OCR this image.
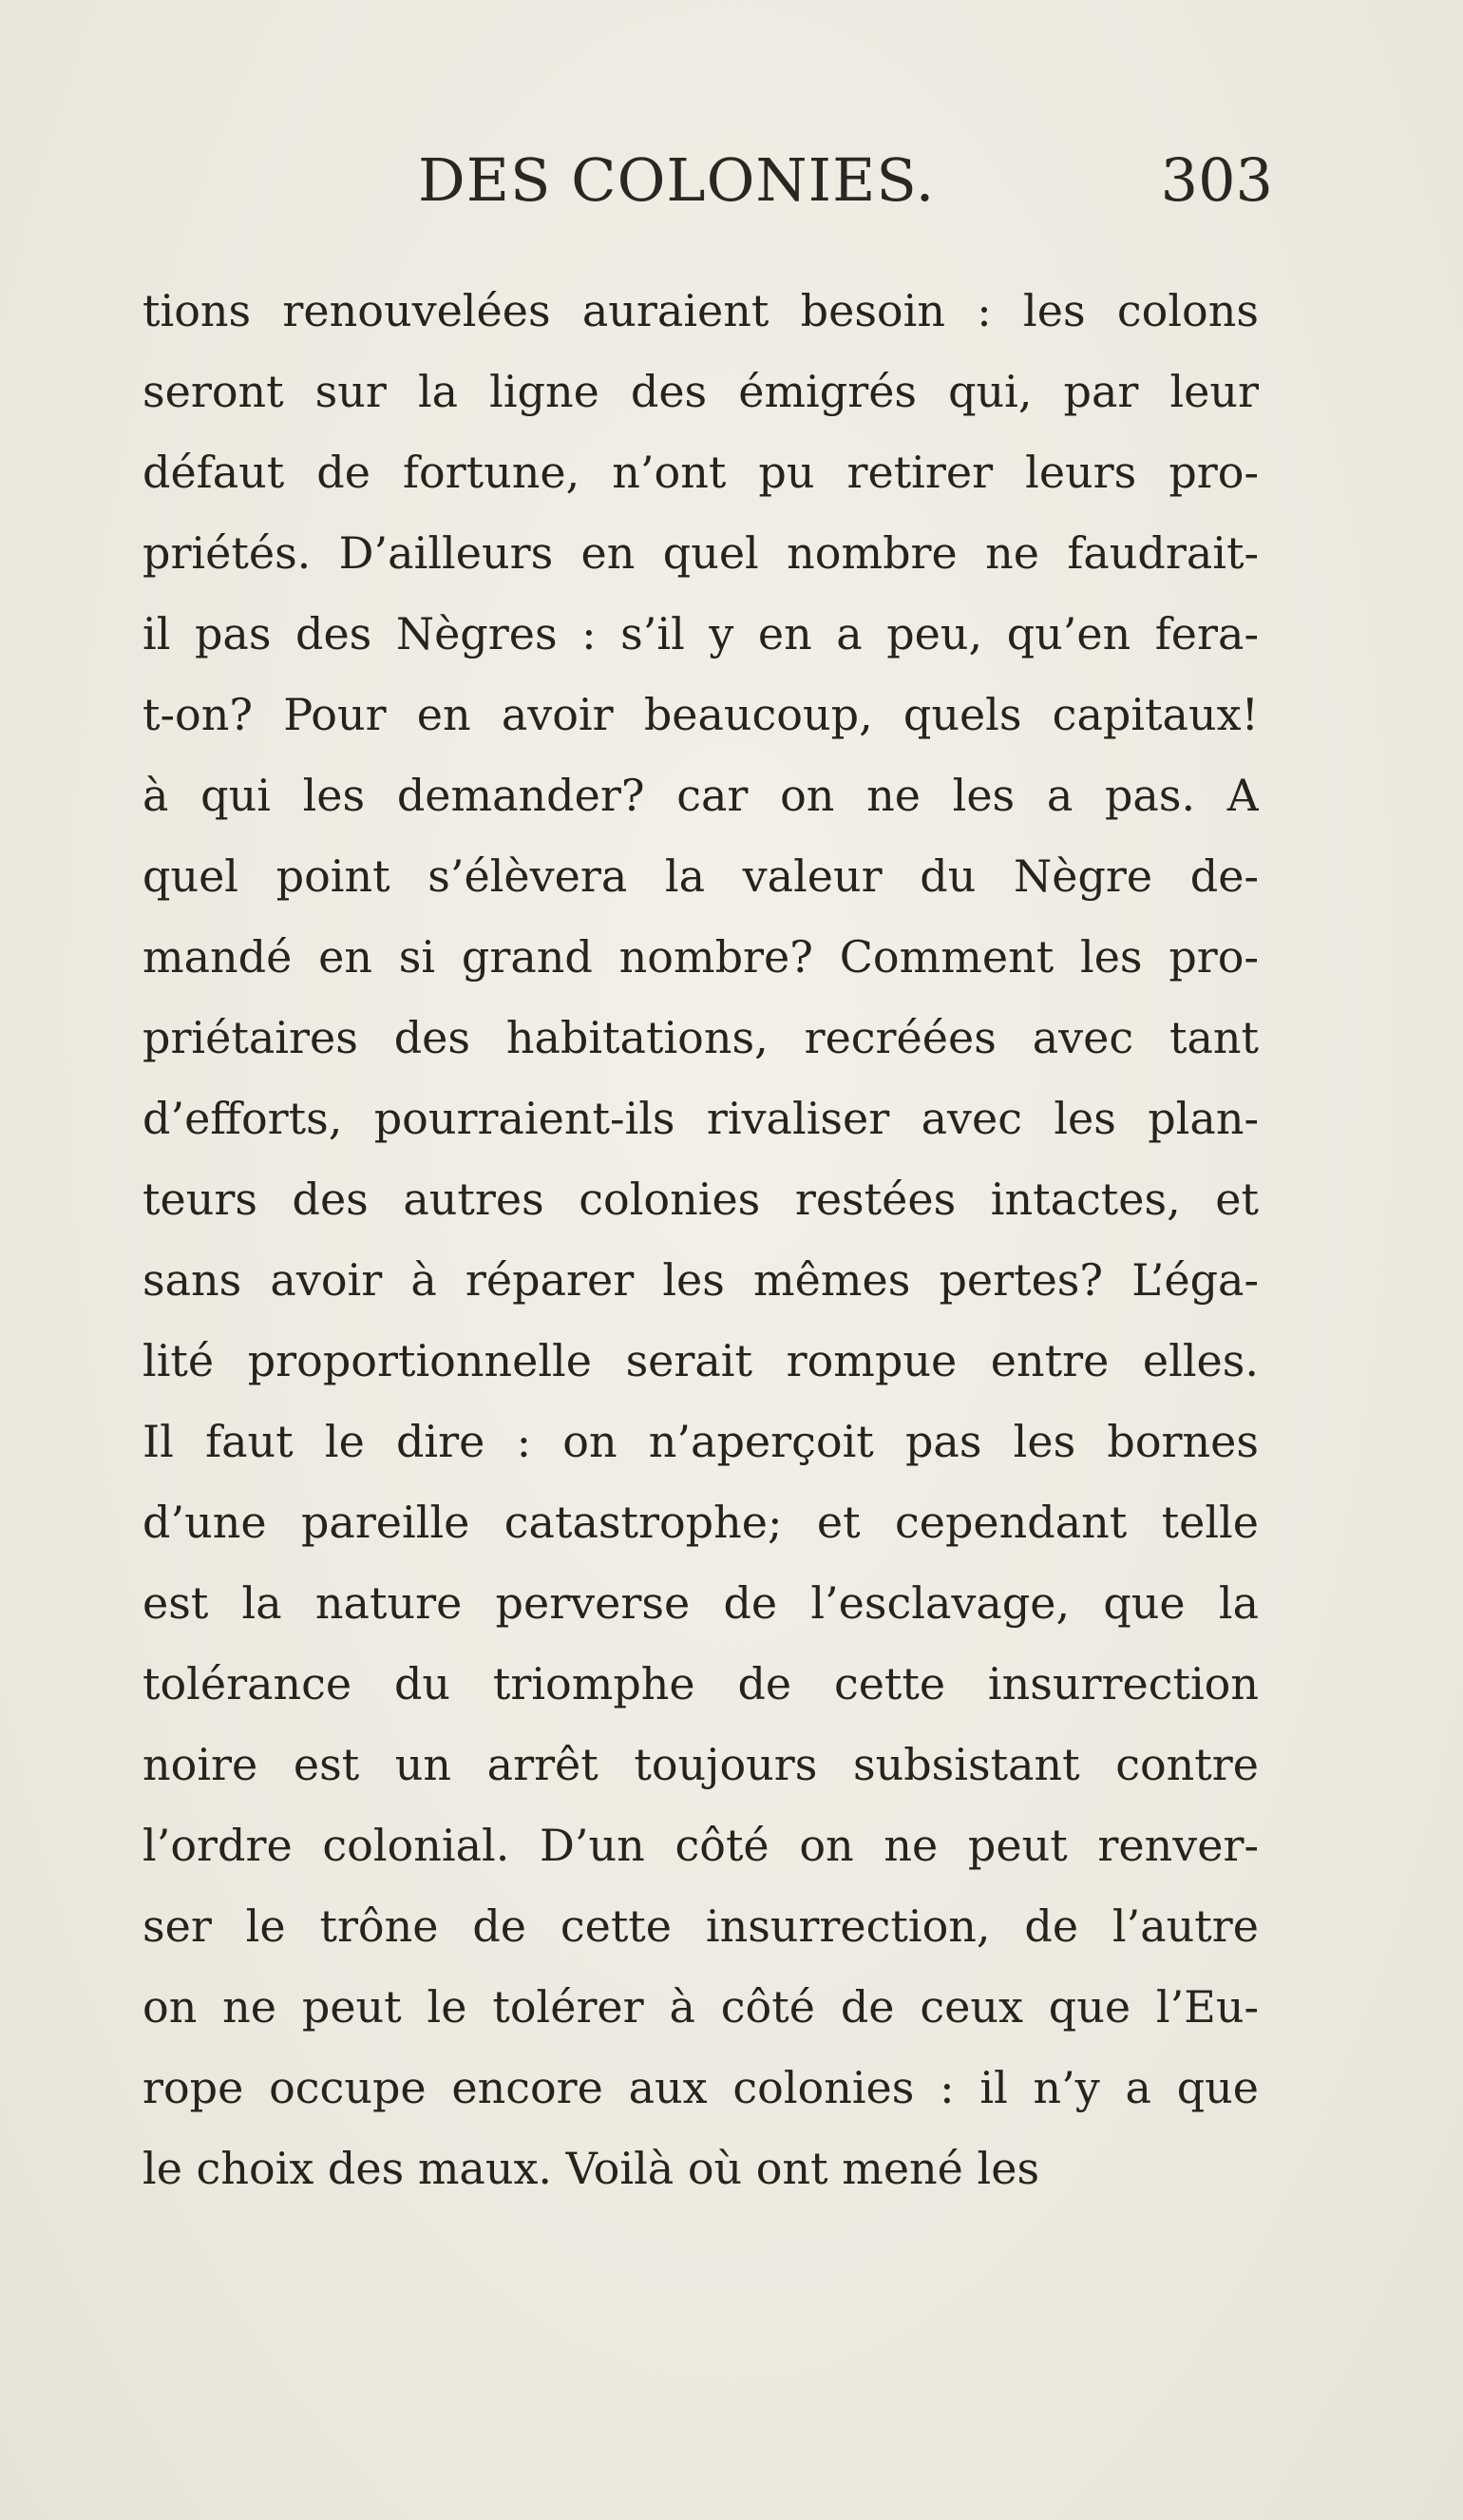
DES COLONIES.	303
tions renouvelées auraient besoin : les colons
seront sur la ligne des émigrés qui, par leur
défaut de fortune, n’ont pu retirer leurs pro-
priétés. D’ailleurs en quel nombre ne faudrait-
il pas des Nègres : s’il y en a peu, qu’en fera-
t-on? Pour en avoir beaucoup, quels capitaux!
à qui les demander? car on ne les a pas. A
quel point s’élèvera la valeur du Nègre de-
mandé en si grand nombre? Comment les pro-
priétaires des habitations, recréées avec tant
d’efforts, pourraient-ils rivaliser avec les plan-
teurs des autres colonies restées intactes, et
sans avoir à réparer les mêmes pertes? L’éga-
lité proportionnelle serait rompue entre elles.
Il faut le dire : on n’aperçoit pas les bornes
d’une pareille catastrophe; et cependant telle
est la nature perverse de l’esclavage, que la
tolérance du triomphe de cette insurrection
noire est un arrêt toujours subsistant contre
l’ordre colonial. D’un côté on ne peut renver-
ser le trône de cette insurrection, de l’autre
on ne peut le tolérer à côté de ceux que l’Eu-
rope occupe encore aux colonies : il n’y a que
le choix des maux. Voilà où ont mené les
